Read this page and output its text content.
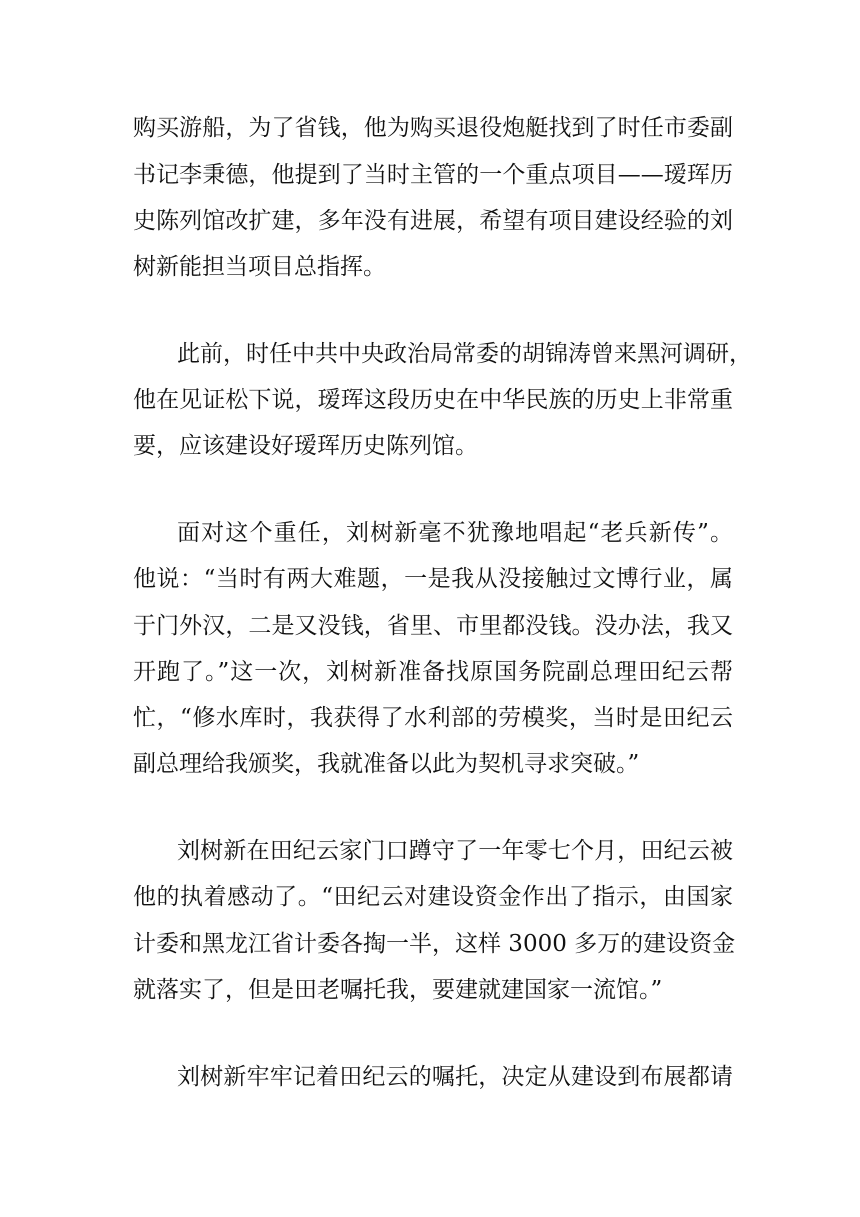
购买游船，为了省钱，他为购买退役炮艇找到了时任市委副

书记李秉德，他提到了当时主管的一个重点项目——瑷珲历

史陈列馆改扩建，多年没有进展，希望有项目建设经验的刘

树新能担当项目总指挥。

此前，时任中共中央政治局常委的胡锦涛曾来黑河调研，

他在见证松下说，瑷珲这段历史在中华民族的历史上非常重

要，应该建设好瑷珲历史陈列馆。

面对这个重任，刘树新毫不犹豫地唱起“老兵新传”。

他说：“当时有两大难题，一是我从没接触过文博行业，属

于门外汉，二是又没钱，省里、市里都没钱。没办法，我又

开跑了。”这一次，刘树新准备找原国务院副总理田纪云帮

忙，“修水库时，我获得了水利部的劳模奖，当时是田纪云

副总理给我颁奖，我就准备以此为契机寻求突破。”

刘树新在田纪云家门口蹲守了一年零七个月，田纪云被

他的执着感动了。“田纪云对建设资金作出了指示，由国家

计委和黑龙江省计委各掏一半，这样 3000 多万的建设资金

就落实了，但是田老嘱托我，要建就建国家一流馆。”

刘树新牢牢记着田纪云的嘱托，决定从建设到布展都请
